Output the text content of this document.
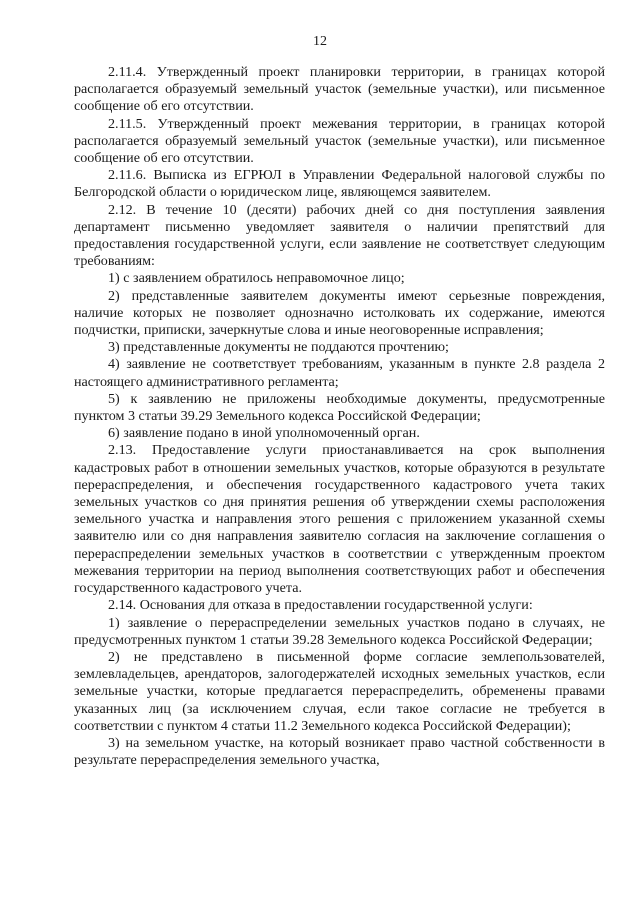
12

2.11.4. Утвержденный проект планировки территории, в границах которой располагается образуемый земельный участок (земельные участки), или письменное сообщение об его отсутствии.

2.11.5. Утвержденный проект межевания территории, в границах которой располагается образуемый земельный участок (земельные участки), или письменное сообщение об его отсутствии.

2.11.6. Выписка из ЕГРЮЛ в Управлении Федеральной налоговой службы по Белгородской области о юридическом лице, являющемся заявителем.

2.12. В течение 10 (десяти) рабочих дней со дня поступления заявления департамент письменно уведомляет заявителя о наличии препятствий для предоставления государственной услуги, если заявление не соответствует следующим требованиям:

1) с заявлением обратилось неправомочное лицо;

2) представленные заявителем документы имеют серьезные повреждения, наличие которых не позволяет однозначно истолковать их содержание, имеются подчистки, приписки, зачеркнутые слова и иные неоговоренные исправления;

3) представленные документы не поддаются прочтению;

4) заявление не соответствует требованиям, указанным в пункте 2.8 раздела 2 настоящего административного регламента;

5) к заявлению не приложены необходимые документы, предусмотренные пунктом 3 статьи 39.29 Земельного кодекса Российской Федерации;

6) заявление подано в иной уполномоченный орган.

2.13. Предоставление услуги приостанавливается на срок выполнения кадастровых работ в отношении земельных участков, которые образуются в результате перераспределения, и обеспечения государственного кадастрового учета таких земельных участков со дня принятия решения об утверждении схемы расположения земельного участка и направления этого решения с приложением указанной схемы заявителю или со дня направления заявителю согласия на заключение соглашения о перераспределении земельных участков в соответствии с утвержденным проектом межевания территории на период выполнения соответствующих работ и обеспечения государственного кадастрового учета.

2.14. Основания для отказа в предоставлении государственной услуги:

1) заявление о перераспределении земельных участков подано в случаях, не предусмотренных пунктом 1 статьи 39.28 Земельного кодекса Российской Федерации;

2) не представлено в письменной форме согласие землепользователей, землевладельцев, арендаторов, залогодержателей исходных земельных участков, если земельные участки, которые предлагается перераспределить, обременены правами указанных лиц (за исключением случая, если такое согласие не требуется в соответствии с пунктом 4 статьи 11.2 Земельного кодекса Российской Федерации);

3) на земельном участке, на который возникает право частной собственности в результате перераспределения земельного участка,
